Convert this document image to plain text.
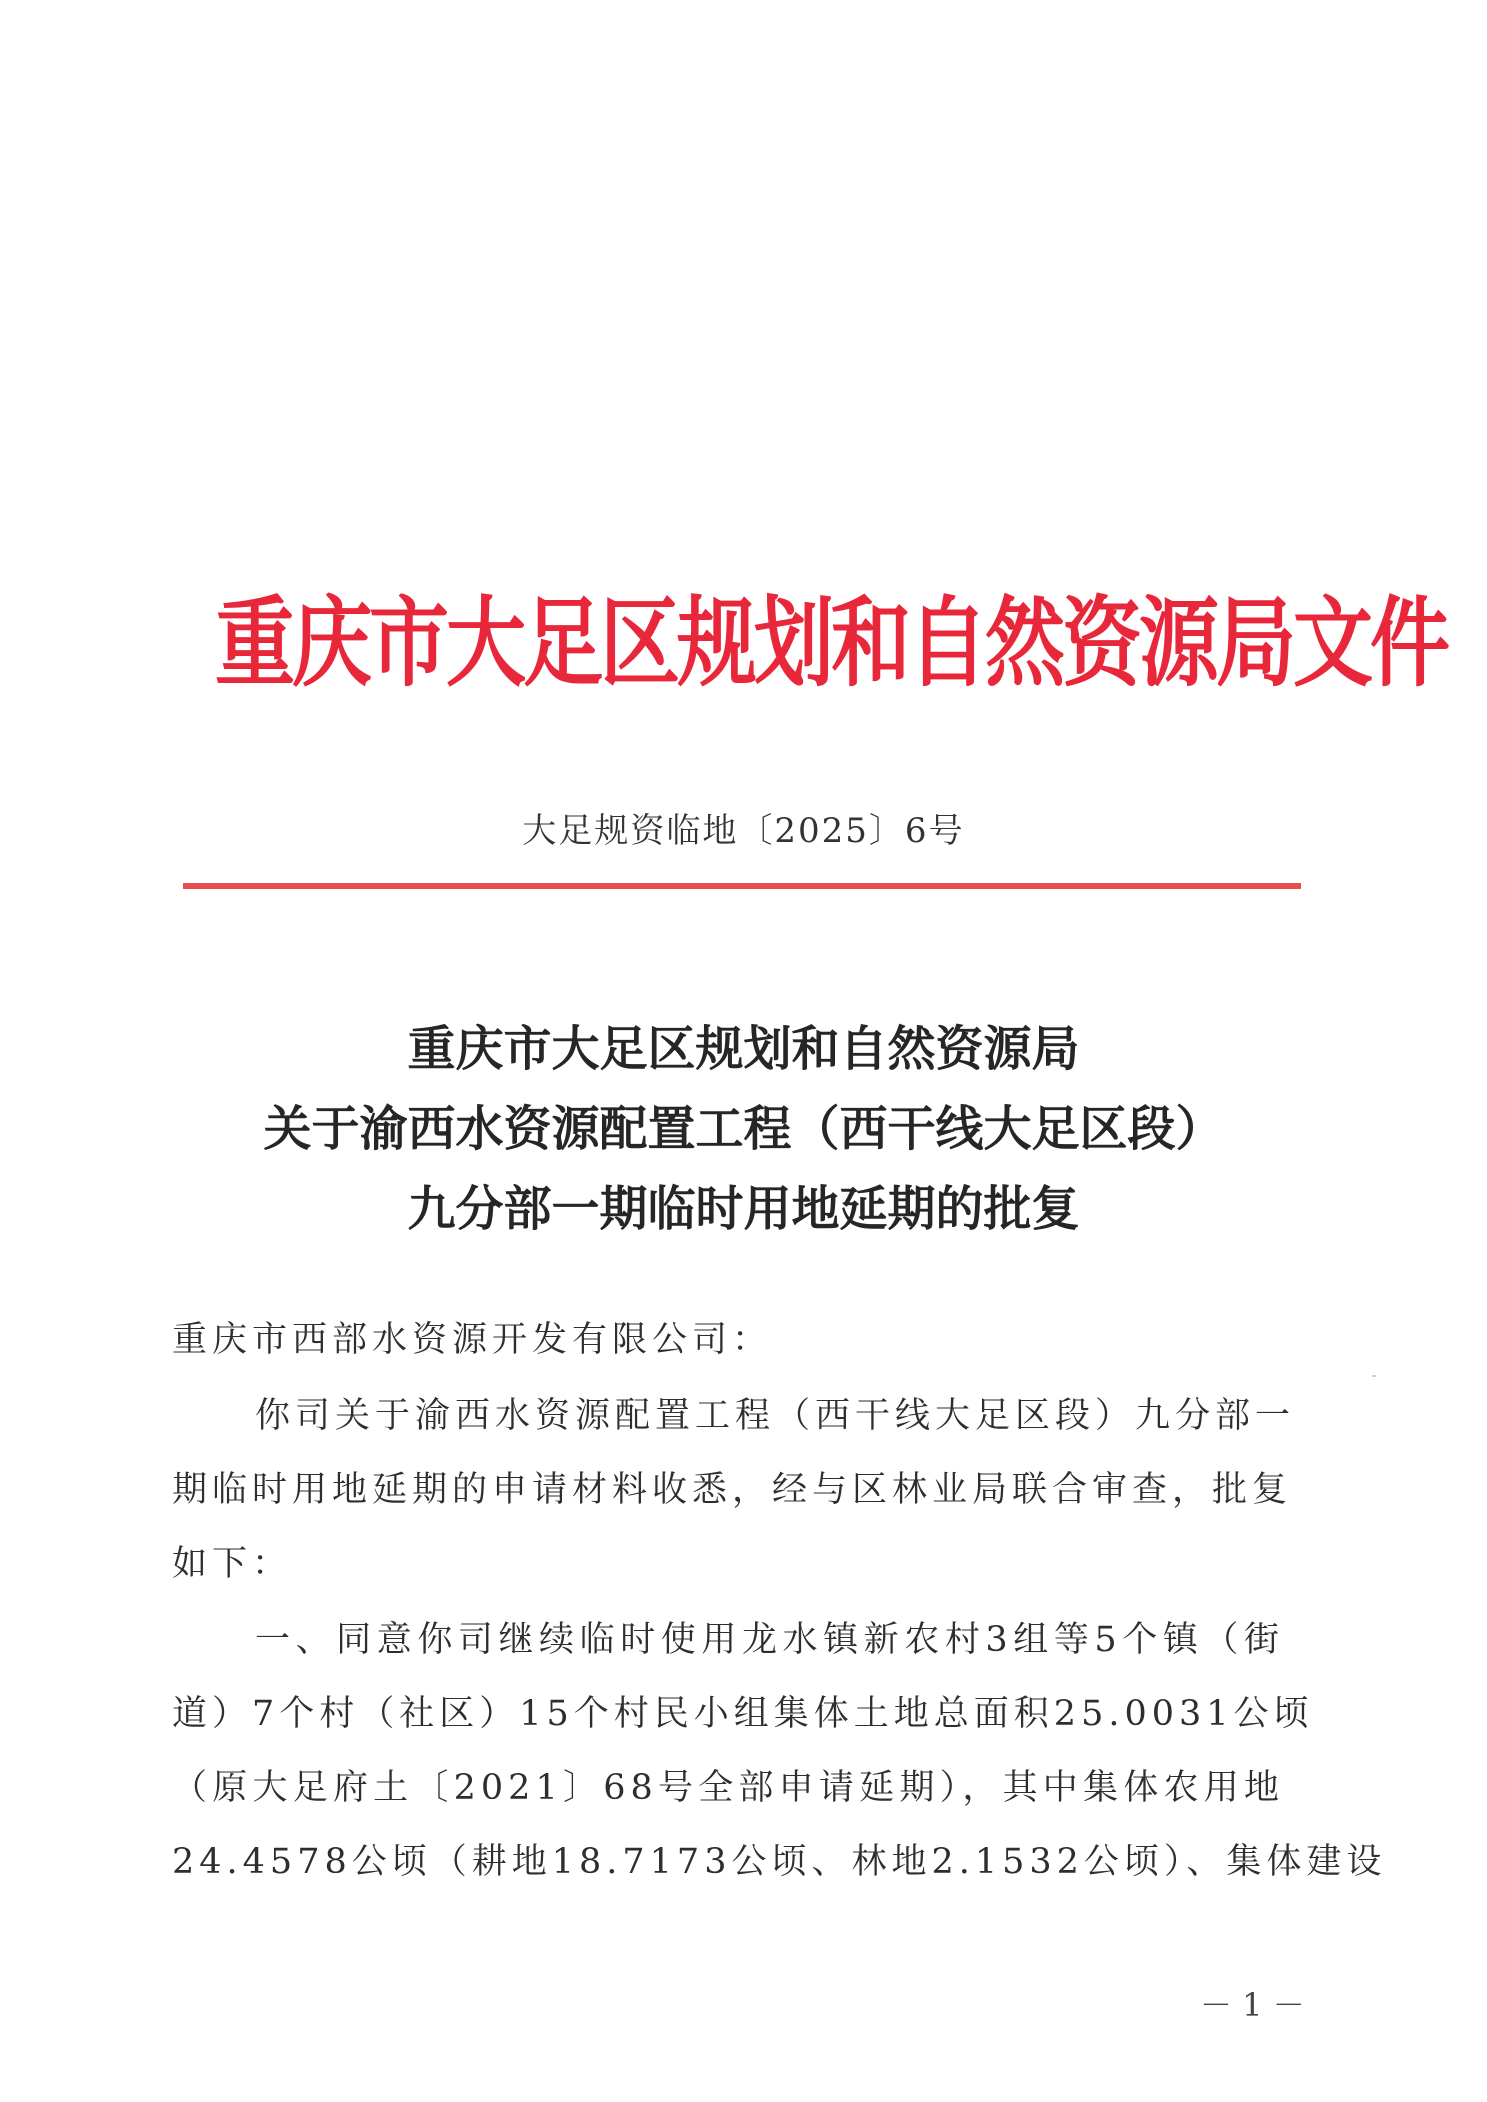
重庆市大足区规划和自然资源局文件
大足规资临地〔2025〕6号
重庆市大足区规划和自然资源局
关于渝西水资源配置工程（西干线大足区段）
九分部一期临时用地延期的批复
重庆市西部水资源开发有限公司：
你司关于渝西水资源配置工程（西干线大足区段）九分部一
期临时用地延期的申请材料收悉，经与区林业局联合审查，批复
如下：
一、同意你司继续临时使用龙水镇新农村3组等5个镇（街
道）7个村（社区）15个村民小组集体土地总面积25.0031公顷
（原大足府土〔2021〕68号全部申请延期），其中集体农用地
24.4578公顷（耕地18.7173公顷、林地2.1532公顷）、集体建设
－ 1 －
